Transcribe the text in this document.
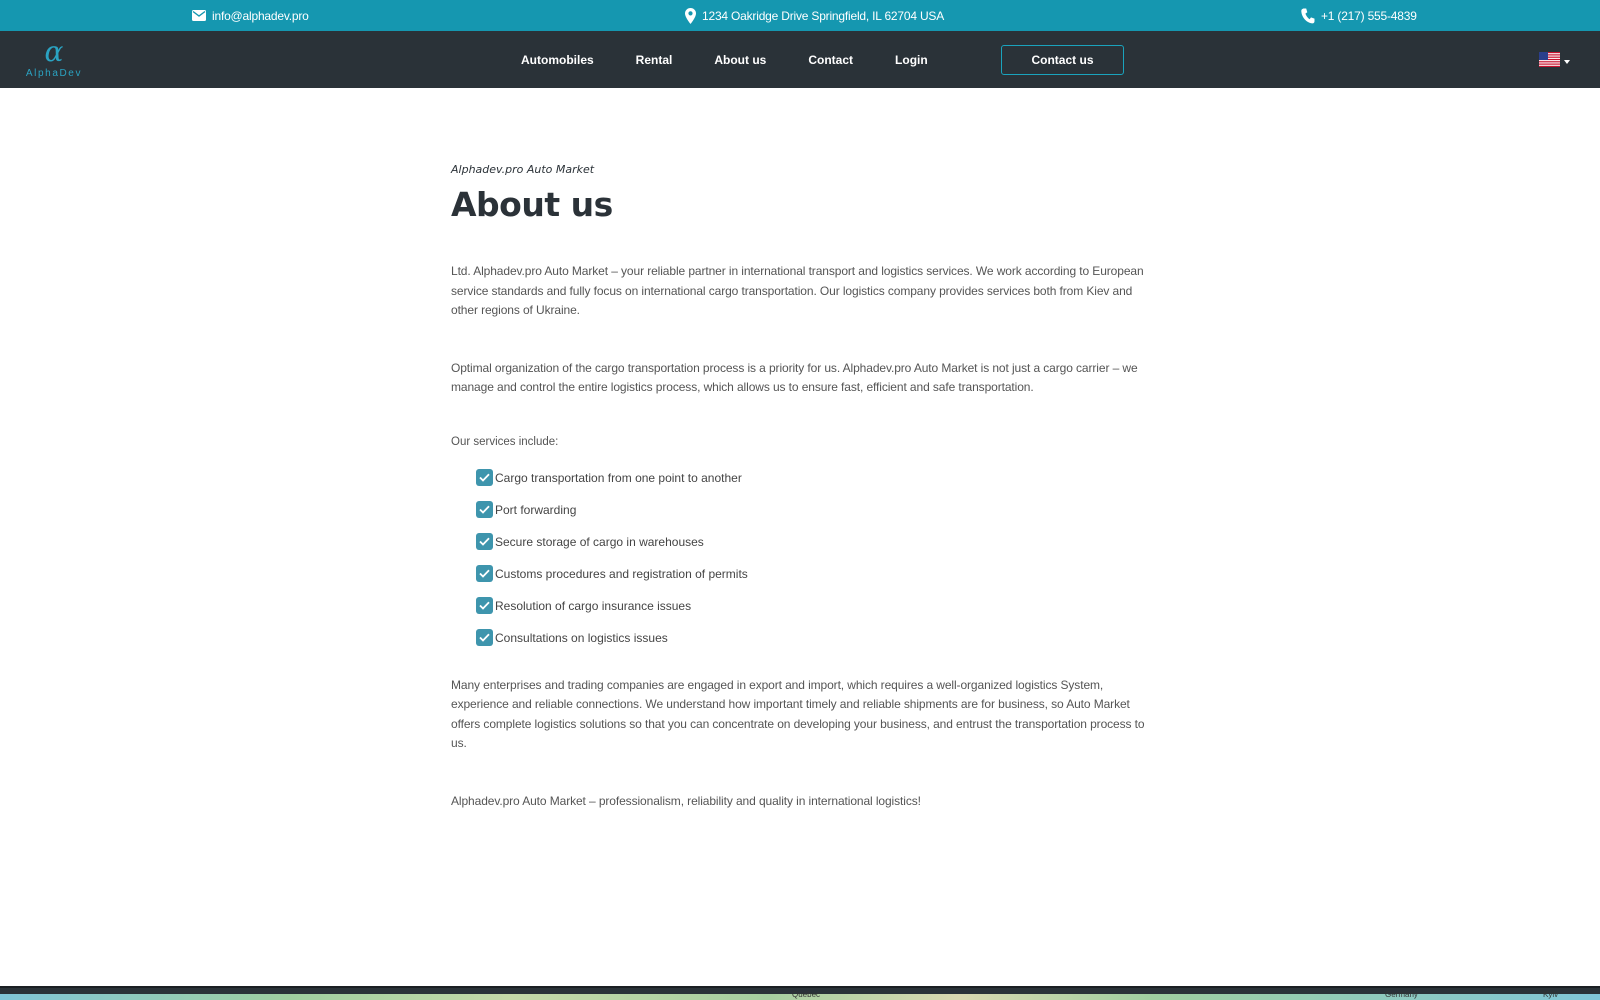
info@alphadev.pro	1234 Oakridge Drive Springfield, IL 62704 USA	+1 (217) 555-4839
α
AlphaDev
Automobiles	Rental	About us	Contact	Login	Contact us
Alphadev.pro Auto Market
About us

Ltd. Alphadev.pro Auto Market – your reliable partner in international transport and logistics services. We work according to European service standards and fully focus on international cargo transportation. Our logistics company provides services both from Kiev and other regions of Ukraine.

Optimal organization of the cargo transportation process is a priority for us. Alphadev.pro Auto Market is not just a cargo carrier – we manage and control the entire logistics process, which allows us to ensure fast, efficient and safe transportation.

Our services include:

Cargo transportation from one point to another
Port forwarding
Secure storage of cargo in warehouses
Customs procedures and registration of permits
Resolution of cargo insurance issues
Consultations on logistics issues

Many enterprises and trading companies are engaged in export and import, which requires a well-organized logistics System, experience and reliable connections. We understand how important timely and reliable shipments are for business, so Auto Market offers complete logistics solutions so that you can concentrate on developing your business, and entrust the transportation process to us.

Alphadev.pro Auto Market – professionalism, reliability and quality in international logistics!

Quebec	Germany	Kyiv
